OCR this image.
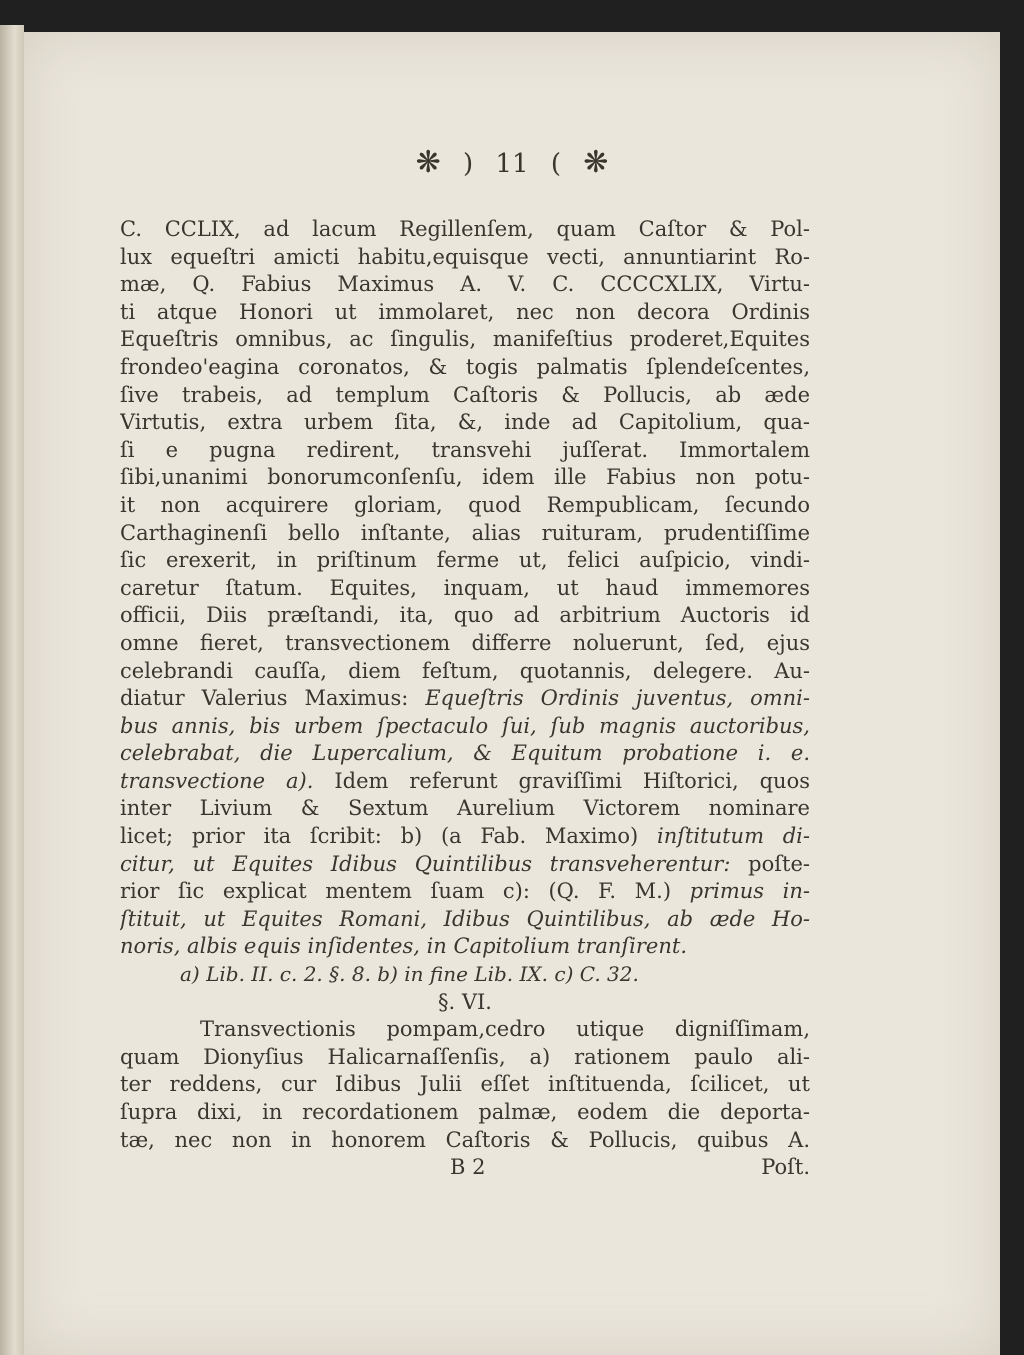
❋ ) 11 ( ❋
C. CCLIX, ad lacum Regillenſem, quam Caſtor & Pol-
lux equeſtri amicti habitu,equisque vecti, annuntiarint Ro-
mæ, Q. Fabius Maximus A. V. C. CCCCXLIX, Virtu-
ti atque Honori ut immolaret, nec non decora Ordinis
Equeſtris omnibus, ac ſingulis, manifeſtius proderet,Equites
frondeo'eagina coronatos, & togis palmatis ſplendeſcentes,
ſive trabeis, ad templum Caſtoris & Pollucis, ab æde
Virtutis, extra urbem ſita, &, inde ad Capitolium, qua-
ſi e pugna redirent, transvehi juſſerat. Immortalem
ſibi,unanimi bonorumconſenſu, idem ille Fabius non potu-
it non acquirere gloriam, quod Rempublicam, ſecundo
Carthaginenſi bello inſtante, alias ruituram, prudentiſſime
ſic erexerit, in priſtinum ferme ut, felici auſpicio, vindi-
caretur ſtatum. Equites, inquam, ut haud immemores
officii, Diis præſtandi, ita, quo ad arbitrium Auctoris id
omne fieret, transvectionem differre noluerunt, ſed, ejus
celebrandi cauſſa, diem feſtum, quotannis, delegere. Au-
diatur Valerius Maximus: Equeſtris Ordinis juventus, omni-
bus annis, bis urbem ſpectaculo ſui, ſub magnis auctoribus,
celebrabat, die Lupercalium, & Equitum probatione i. e.
transvectione a). Idem referunt graviſſimi Hiſtorici, quos
inter Livium & Sextum Aurelium Victorem nominare
licet; prior ita ſcribit: b) (a Fab. Maximo) inſtitutum di-
citur, ut Equites Idibus Quintilibus transveherentur: poſte-
rior ſic explicat mentem ſuam c): (Q. F. M.) primus in-
ſtituit, ut Equites Romani, Idibus Quintilibus, ab æde Ho-
noris, albis equis inſidentes, in Capitolium tranſirent.
a) Lib. II. c. 2. §. 8. b) in fine Lib. IX. c) C. 32.
§. VI.
Transvectionis pompam,cedro utique digniſſimam,
quam Dionyſius Halicarnaſſenſis, a) rationem paulo ali-
ter reddens, cur Idibus Julii eſſet inſtituenda, ſcilicet, ut
ſupra dixi, in recordationem palmæ, eodem die deporta-
tæ, nec non in honorem Caſtoris & Pollucis, quibus A.
B 2	Poſt.
